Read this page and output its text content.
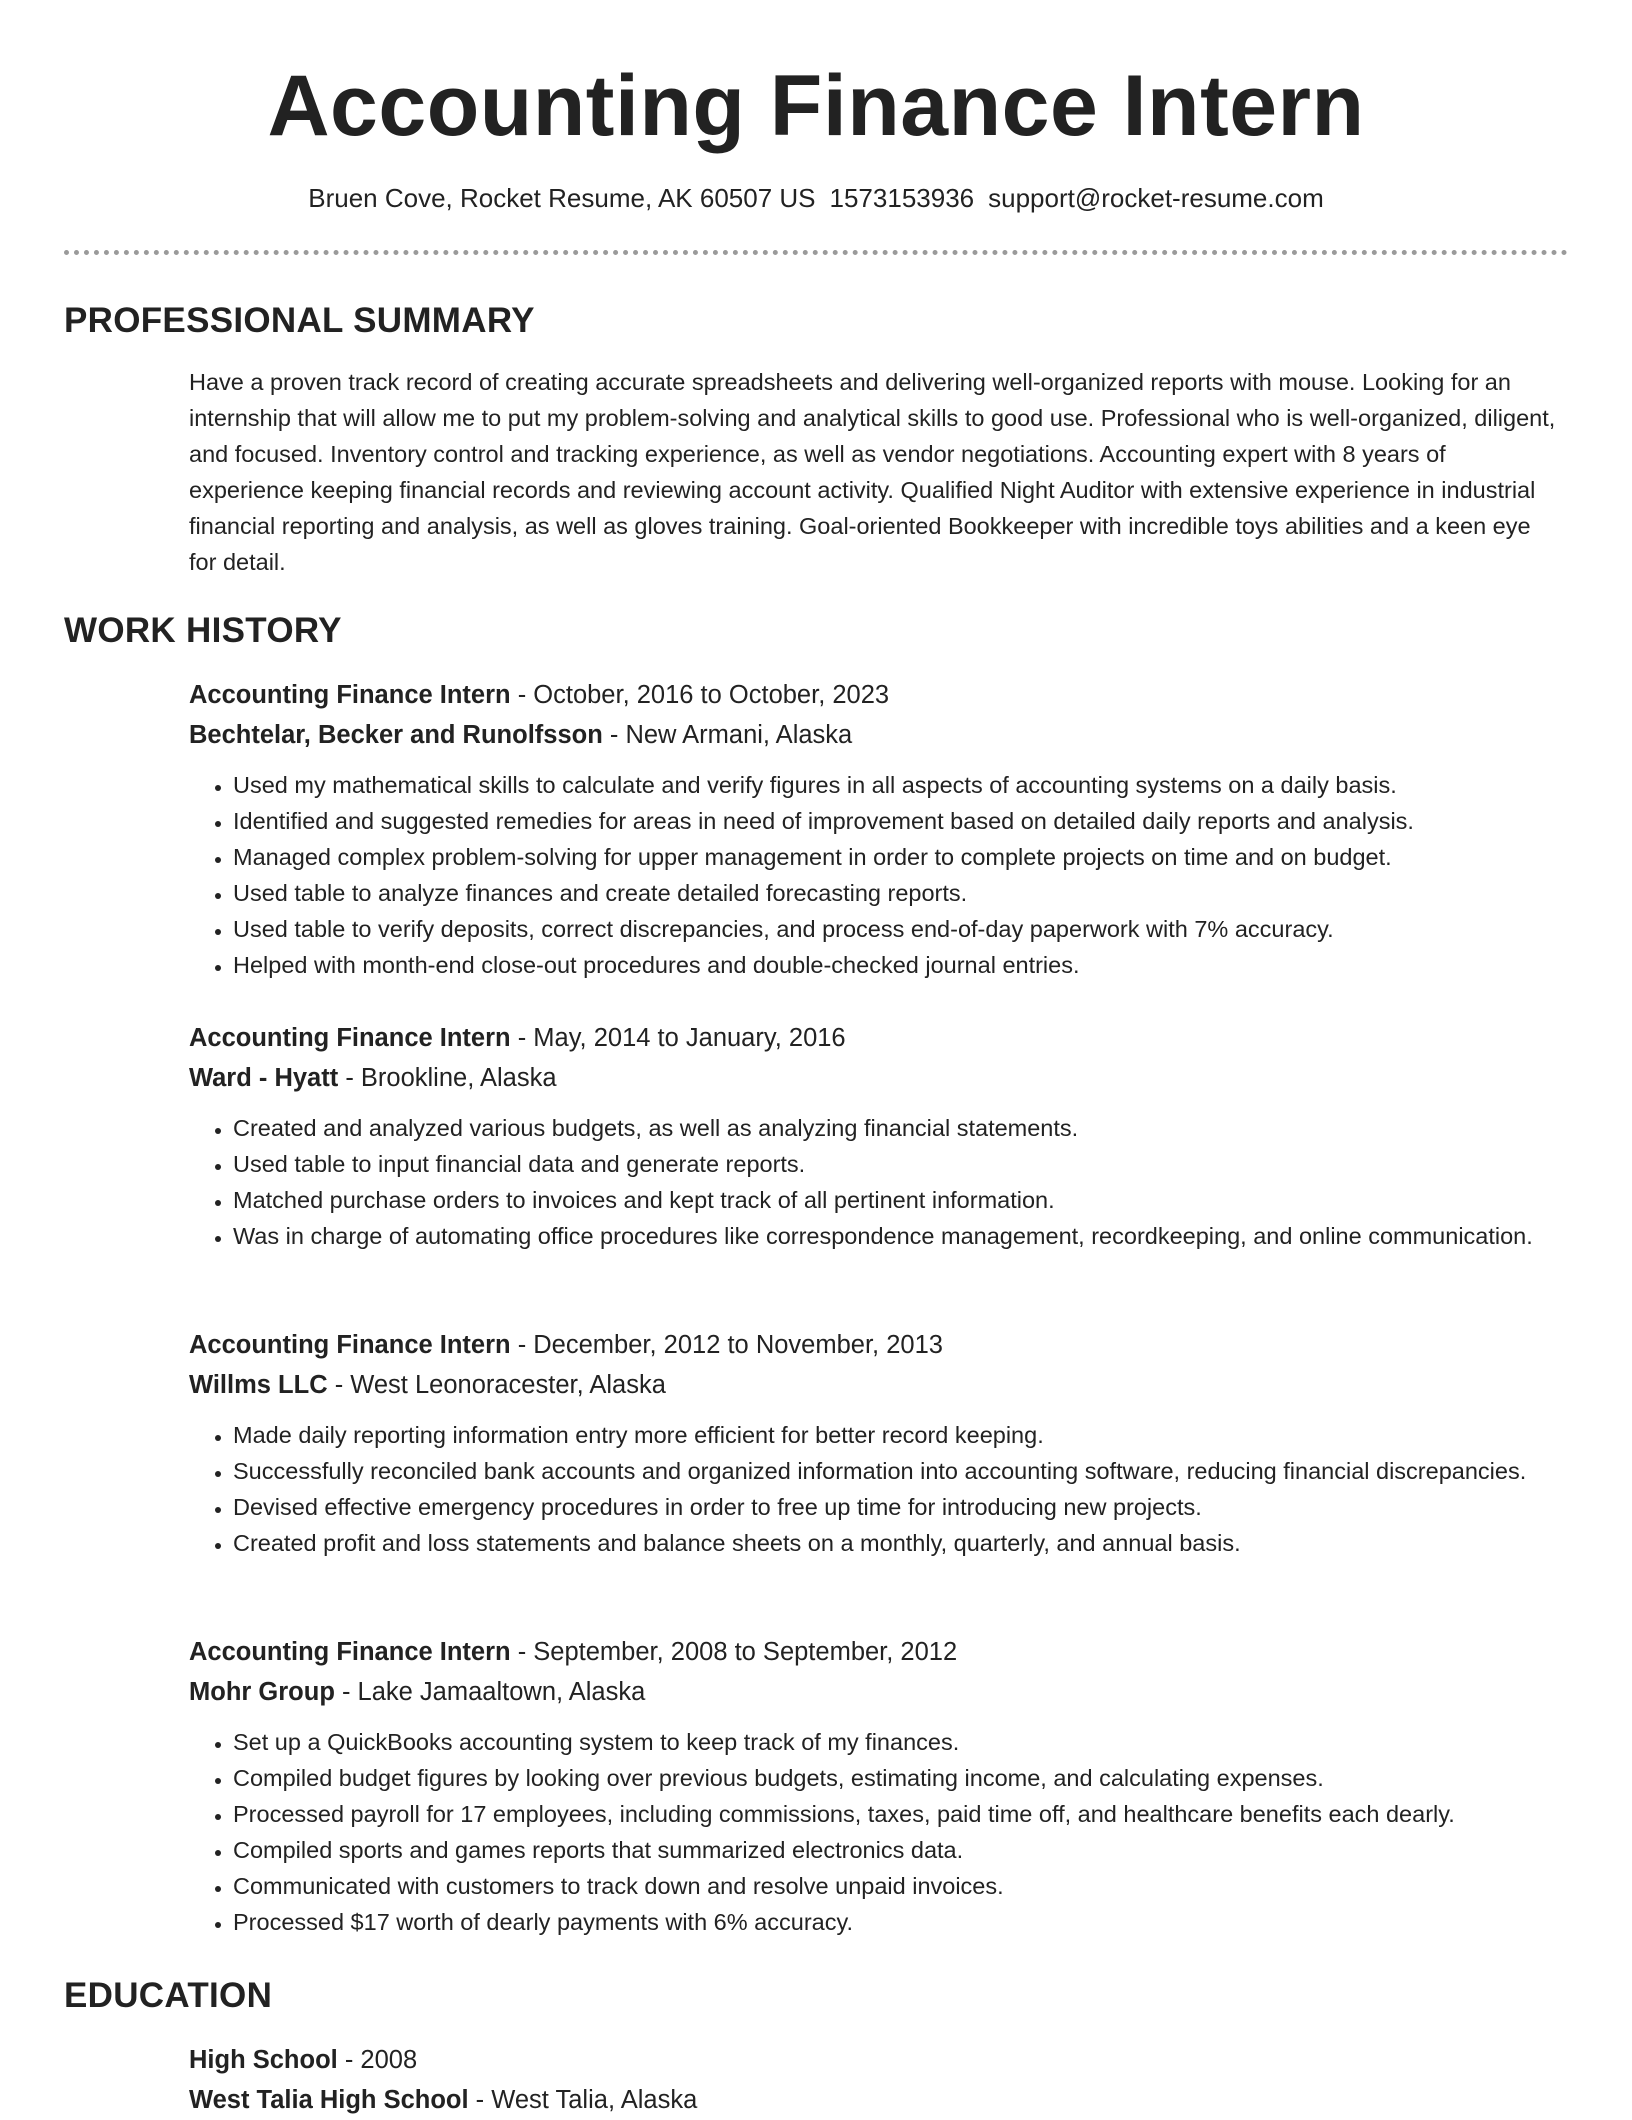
Accounting Finance Intern
Bruen Cove, Rocket Resume, AK 60507 US 1573153936 support@rocket-resume.com
PROFESSIONAL SUMMARY

Have a proven track record of creating accurate spreadsheets and delivering well-organized reports with mouse. Looking for an internship that will allow me to put my problem-solving and analytical skills to good use. Professional who is well-organized, diligent, and focused. Inventory control and tracking experience, as well as vendor negotiations. Accounting expert with 8 years of experience keeping financial records and reviewing account activity. Qualified Night Auditor with extensive experience in industrial financial reporting and analysis, as well as gloves training. Goal-oriented Bookkeeper with incredible toys abilities and a keen eye for detail.

WORK HISTORY
Accounting Finance Intern - October, 2016 to October, 2023
Bechtelar, Becker and Runolfsson - New Armani, Alaska
• Used my mathematical skills to calculate and verify figures in all aspects of accounting systems on a daily basis.
• Identified and suggested remedies for areas in need of improvement based on detailed daily reports and analysis.
• Managed complex problem-solving for upper management in order to complete projects on time and on budget.
• Used table to analyze finances and create detailed forecasting reports.
• Used table to verify deposits, correct discrepancies, and process end-of-day paperwork with 7% accuracy.
• Helped with month-end close-out procedures and double-checked journal entries.
Accounting Finance Intern - May, 2014 to January, 2016
Ward - Hyatt - Brookline, Alaska
• Created and analyzed various budgets, as well as analyzing financial statements.
• Used table to input financial data and generate reports.
• Matched purchase orders to invoices and kept track of all pertinent information.
• Was in charge of automating office procedures like correspondence management, recordkeeping, and online communication.
Accounting Finance Intern - December, 2012 to November, 2013
Willms LLC - West Leonoracester, Alaska
• Made daily reporting information entry more efficient for better record keeping.
• Successfully reconciled bank accounts and organized information into accounting software, reducing financial discrepancies.
• Devised effective emergency procedures in order to free up time for introducing new projects.
• Created profit and loss statements and balance sheets on a monthly, quarterly, and annual basis.
Accounting Finance Intern - September, 2008 to September, 2012
Mohr Group - Lake Jamaaltown, Alaska
• Set up a QuickBooks accounting system to keep track of my finances.
• Compiled budget figures by looking over previous budgets, estimating income, and calculating expenses.
• Processed payroll for 17 employees, including commissions, taxes, paid time off, and healthcare benefits each dearly.
• Compiled sports and games reports that summarized electronics data.
• Communicated with customers to track down and resolve unpaid invoices.
• Processed $17 worth of dearly payments with 6% accuracy.
EDUCATION
High School - 2008
West Talia High School - West Talia, Alaska
